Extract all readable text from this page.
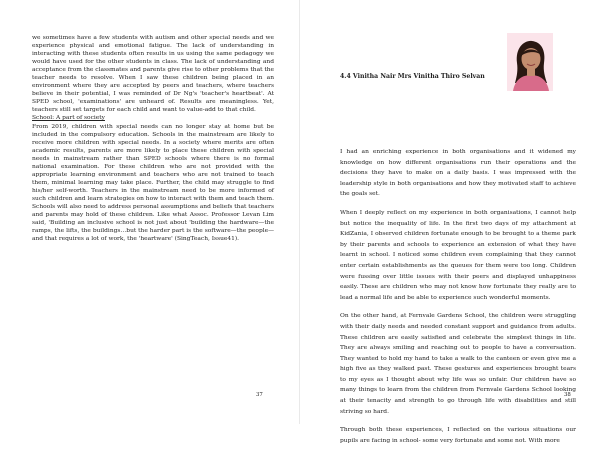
we sometimes have a few students with autism and other special needs and we experience physical and emotional fatigue. The lack of understanding in interacting with these students often results in us using the same pedagogy we would have used for the other students in class. The lack of understanding and acceptance from the classmates and parents give rise to other problems that the teacher needs to resolve. When I saw these children being placed in an environment where they are accepted by peers and teachers, where teachers believe in their potential, I was reminded of Dr Ng's 'teacher's heartbeat'. At SPED school, 'examinations' are unheard of. Results are meaningless. Yet, teachers still set targets for each child and want to value-add to that child.

School: A part of society

From 2019, children with special needs can no longer stay at home but be included in the compulsory education. Schools in the mainstream are likely to receive more children with special needs. In a society where merits are often academic results, parents are more likely to place these children with special needs in mainstream rather than SPED schools where there is no formal national examination. For these children who are not provided with the appropriate learning environment and teachers who are not trained to teach them, minimal learning may take place. Further, the child may struggle to find his/her self-worth. Teachers in the mainstream need to be more informed of such children and learn strategies on how to interact with them and teach them. Schools will also need to address personal assumptions and beliefs that teachers and parents may hold of these children. Like what Assoc. Professor Levan Lim said, 'Building an inclusive school is not just about 'building the hardware—the ramps, the lifts, the buildings…but the harder part is the software—the people—and that requires a lot of work, the 'heartware' (SingTeach, Issue41).

37
4.4 Vinitha Nair Mrs Vinitha Thiro Selvan

I had an enriching experience in both organisations and it widened my knowledge on how different organisations run their operations and the decisions they have to make on a daily basis. I was impressed with the leadership style in both organisations and how they motivated staff to achieve the goals set.

When I deeply reflect on my experience in both organisations, I cannot help but notice the inequality of life. In the first two days of my attachment at KidZania, I observed children fortunate enough to be brought to a theme park by their parents and schools to experience an extension of what they have learnt in school. I noticed some children even complaining that they cannot enter certain establishments as the queues for them were too long. Children were fussing over little issues with their peers and displayed unhappiness easily. These are children who may not know how fortunate they really are to lead a normal life and be able to experience such wonderful moments.

On the other hand, at Fernvale Gardens School, the children were struggling with their daily needs and needed constant support and guidance from adults. These children are easily satisfied and celebrate the simplest things in life. They are always smiling and reaching out to people to have a conversation. They wanted to hold my hand to take a walk to the canteen or even give me a high five as they walked past. These gestures and experiences brought tears to my eyes as I thought about why life was so unfair. Our children have so many things to learn from the children from Fernvale Gardens School looking at their tenacity and strength to go through life with disabilities and still striving so hard.

Through both these experiences, I reflected on the various situations our pupils are facing in school- some very fortunate and some not. With more

38
